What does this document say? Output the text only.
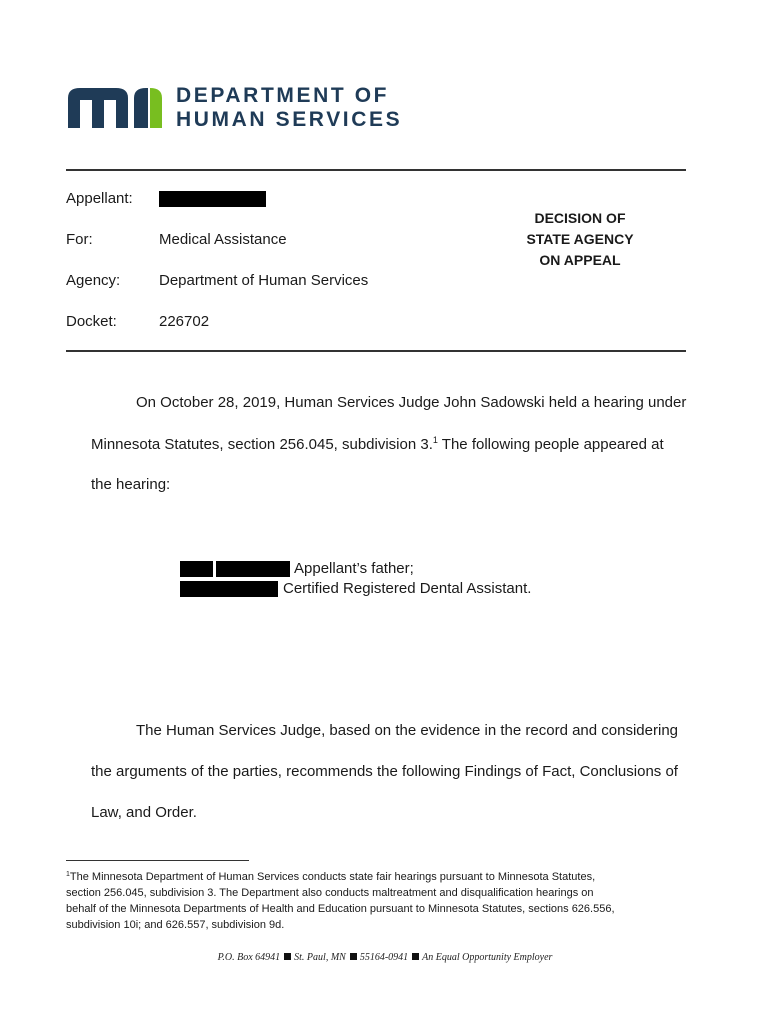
DEPARTMENT OF
HUMAN SERVICES
Appellant:
For:	Medical Assistance
Agency:	Department of Human Services
Docket:	226702
DECISION OF
STATE AGENCY
ON APPEAL
On October 28, 2019, Human Services Judge John Sadowski held a hearing under
Minnesota Statutes, section 256.045, subdivision 3.$^1$ The following people appeared at
the hearing:
Appellant’s father;
Certified Registered Dental Assistant.
The Human Services Judge, based on the evidence in the record and considering
the arguments of the parties, recommends the following Findings of Fact, Conclusions of
Law, and Order.
$^1$The Minnesota Department of Human Services conducts state fair hearings pursuant to Minnesota Statutes,
section 256.045, subdivision 3. The Department also conducts maltreatment and disqualification hearings on
behalf of the Minnesota Departments of Health and Education pursuant to Minnesota Statutes, sections 626.556,
subdivision 10i; and 626.557, subdivision 9d.
P.O. Box 64941 St. Paul, MN 55164-0941 An Equal Opportunity Employer
